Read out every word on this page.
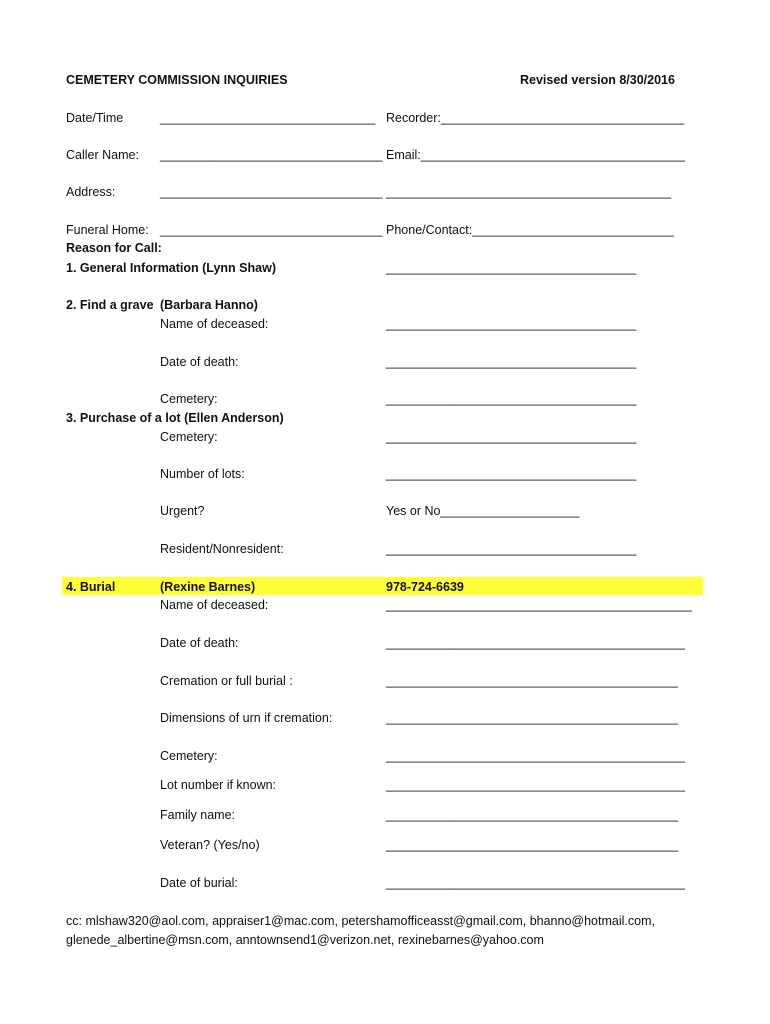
CEMETERY COMMISSION INQUIRIES	Revised version 8/30/2016
Date/Time	_______________________________ Recorder:___________________________________
Caller Name: ________________________________ Email:______________________________________
Address:	________________________________ _________________________________________
Funeral Home: ________________________________ Phone/Contact:_____________________________
Reason for Call:
1. General Information (Lynn Shaw)	____________________________________
2. Find a grave (Barbara Hanno)
Name of deceased:	____________________________________
Date of death:	____________________________________
Cemetery:	____________________________________
3. Purchase of a lot (Ellen Anderson)
Cemetery:	____________________________________
Number of lots:	____________________________________
Urgent?	Yes or No____________________
Resident/Nonresident:	____________________________________
4. Burial	(Rexine Barnes)	978-724-6639
Name of deceased:	____________________________________________
Date of death:	___________________________________________
Cremation or full burial :	__________________________________________
Dimensions of urn if cremation:	__________________________________________
Cemetery:	___________________________________________
Lot number if known:	___________________________________________
Family name:	__________________________________________
Veteran? (Yes/no)	__________________________________________
Date of burial:	___________________________________________
cc: mlshaw320@aol.com, appraiser1@mac.com, petershamofficeasst@gmail.com, bhanno@hotmail.com,
glenede_albertine@msn.com, anntownsend1@verizon.net, rexinebarnes@yahoo.com
